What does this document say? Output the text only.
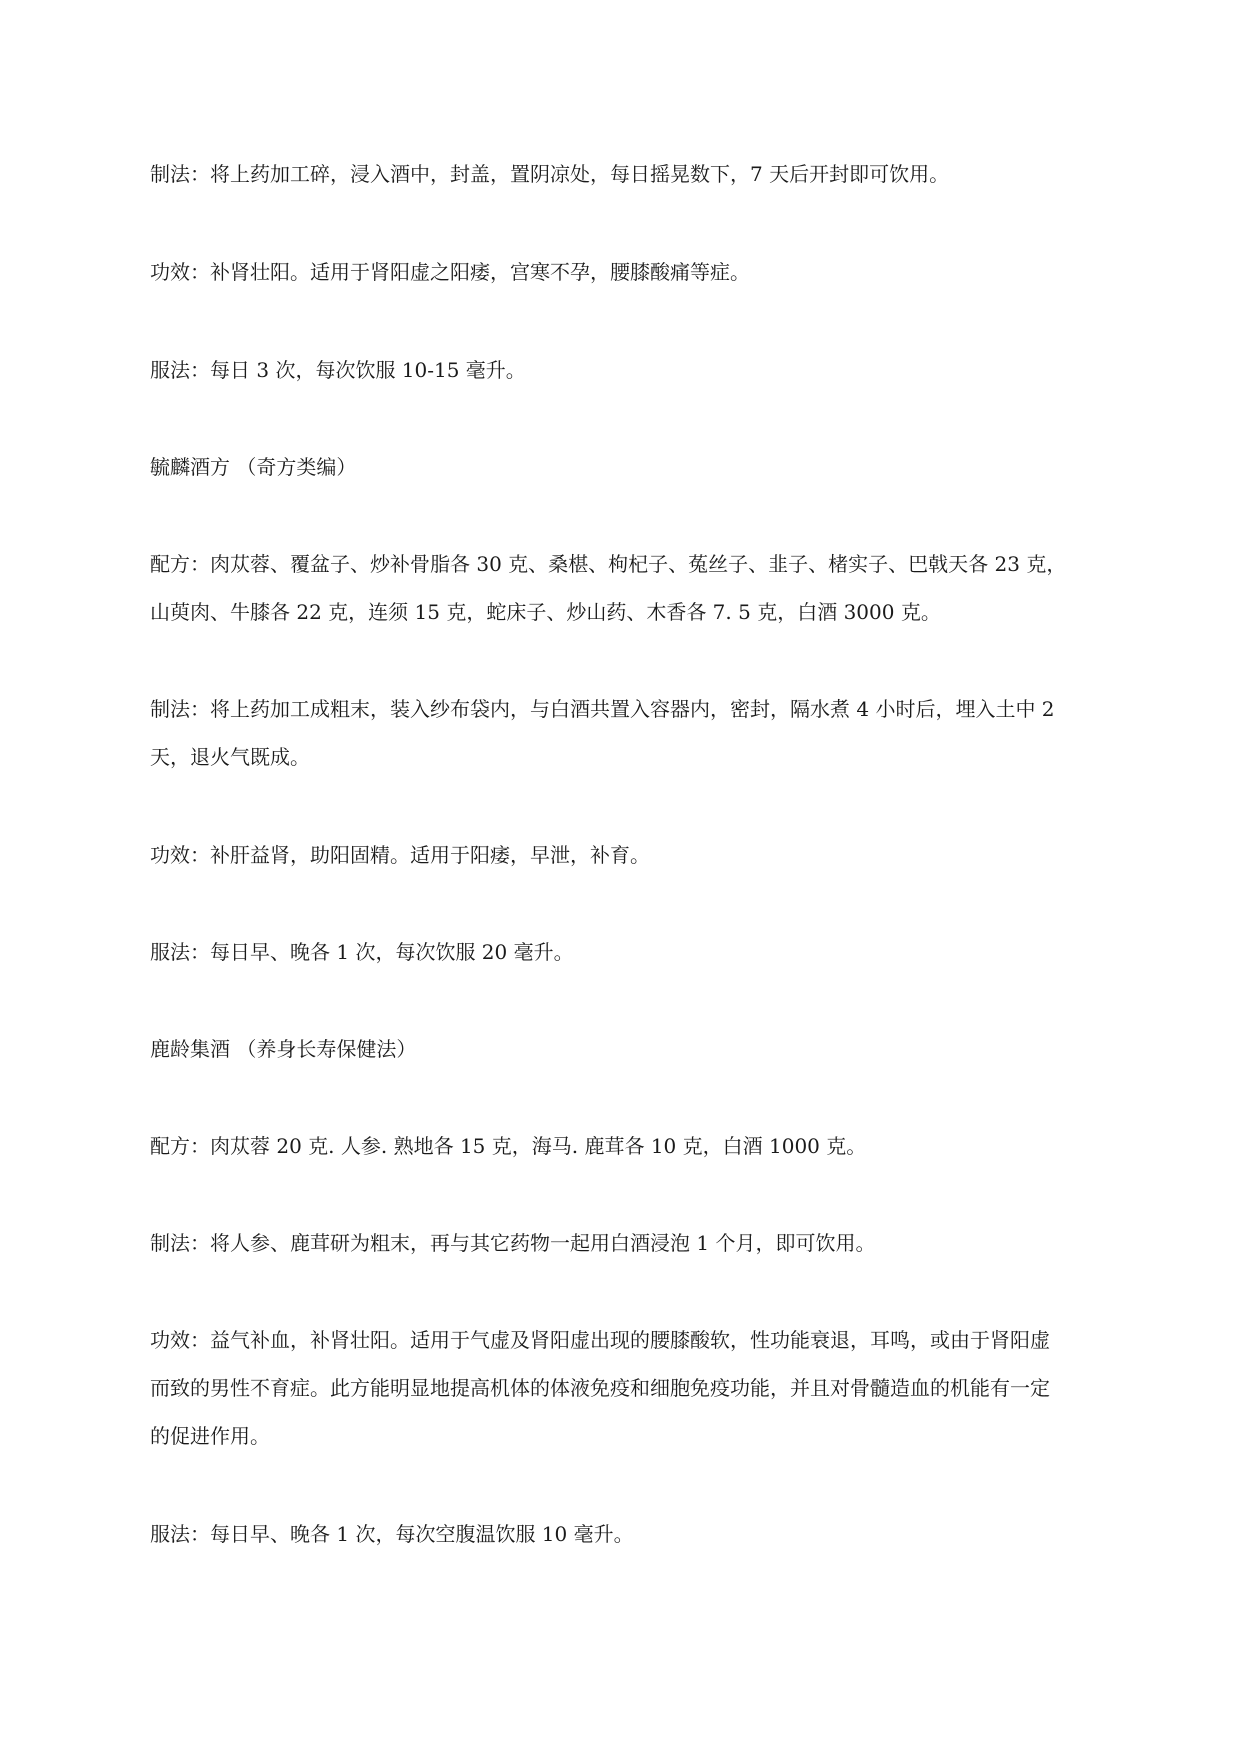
制法：将上药加工碎，浸入酒中，封盖，置阴凉处，每日摇晃数下，7 天后开封即可饮用。

功效：补肾壮阳。适用于肾阳虚之阳痿，宫寒不孕，腰膝酸痛等症。

服法：每日 3 次，每次饮服 10-15 毫升。

毓麟酒方 （奇方类编）

配方：肉苁蓉、覆盆子、炒补骨脂各 30 克、桑椹、枸杞子、菟丝子、韭子、楮实子、巴戟天各 23 克，
山萸肉、牛膝各 22 克，连须 15 克，蛇床子、炒山药、木香各 7. 5 克，白酒 3000 克。

制法：将上药加工成粗末，装入纱布袋内，与白酒共置入容器内，密封，隔水煮 4 小时后，埋入土中 2
天，退火气既成。

功效：补肝益肾，助阳固精。适用于阳痿，早泄，补育。

服法：每日早、晚各 1 次，每次饮服 20 毫升。

鹿龄集酒 （养身长寿保健法）

配方：肉苁蓉 20 克. 人参. 熟地各 15 克，海马. 鹿茸各 10 克，白酒 1000 克。

制法：将人参、鹿茸研为粗末，再与其它药物一起用白酒浸泡 1 个月，即可饮用。

功效：益气补血，补肾壮阳。适用于气虚及肾阳虚出现的腰膝酸软，性功能衰退，耳鸣，或由于肾阳虚
而致的男性不育症。此方能明显地提高机体的体液免疫和细胞免疫功能，并且对骨髓造血的机能有一定
的促进作用。

服法：每日早、晚各 1 次，每次空腹温饮服 10 毫升。
